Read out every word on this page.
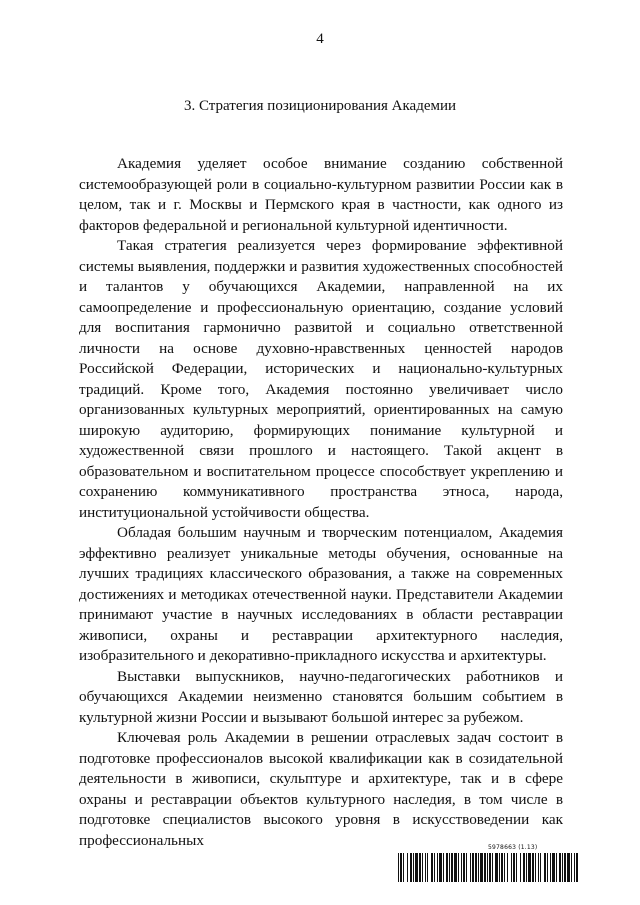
4
3. Стратегия позиционирования Академии

Академия уделяет особое внимание созданию собственной системообразующей роли в социально-культурном развитии России как в целом, так и г. Москвы и Пермского края в частности, как одного из факторов федеральной и региональной культурной идентичности.

Такая стратегия реализуется через формирование эффективной системы выявления, поддержки и развития художественных способностей и талантов у обучающихся Академии, направленной на их самоопределение и профессиональную ориентацию, создание условий для воспитания гармонично развитой и социально ответственной личности на основе духовно-нравственных ценностей народов Российской Федерации, исторических и национально-культурных традиций. Кроме того, Академия постоянно увеличивает число организованных культурных мероприятий, ориентированных на самую широкую аудиторию, формирующих понимание культурной и художественной связи прошлого и настоящего. Такой акцент в образовательном и воспитательном процессе способствует укреплению и сохранению коммуникативного пространства этноса, народа, институциональной устойчивости общества.

Обладая большим научным и творческим потенциалом, Академия эффективно реализует уникальные методы обучения, основанные на лучших традициях классического образования, а также на современных достижениях и методиках отечественной науки. Представители Академии принимают участие в научных исследованиях в области реставрации живописи, охраны и реставрации архитектурного наследия, изобразительного и декоративно-прикладного искусства и архитектуры.

Выставки выпускников, научно-педагогических работников и обучающихся Академии неизменно становятся большим событием в культурной жизни России и вызывают большой интерес за рубежом.

Ключевая роль Академии в решении отраслевых задач состоит в подготовке профессионалов высокой квалификации как в созидательной деятельности в живописи, скульптуре и архитектуре, так и в сфере охраны и реставрации объектов культурного наследия, в том числе в подготовке специалистов высокого уровня в искусствоведении как профессиональных	5978663 (1.13)
